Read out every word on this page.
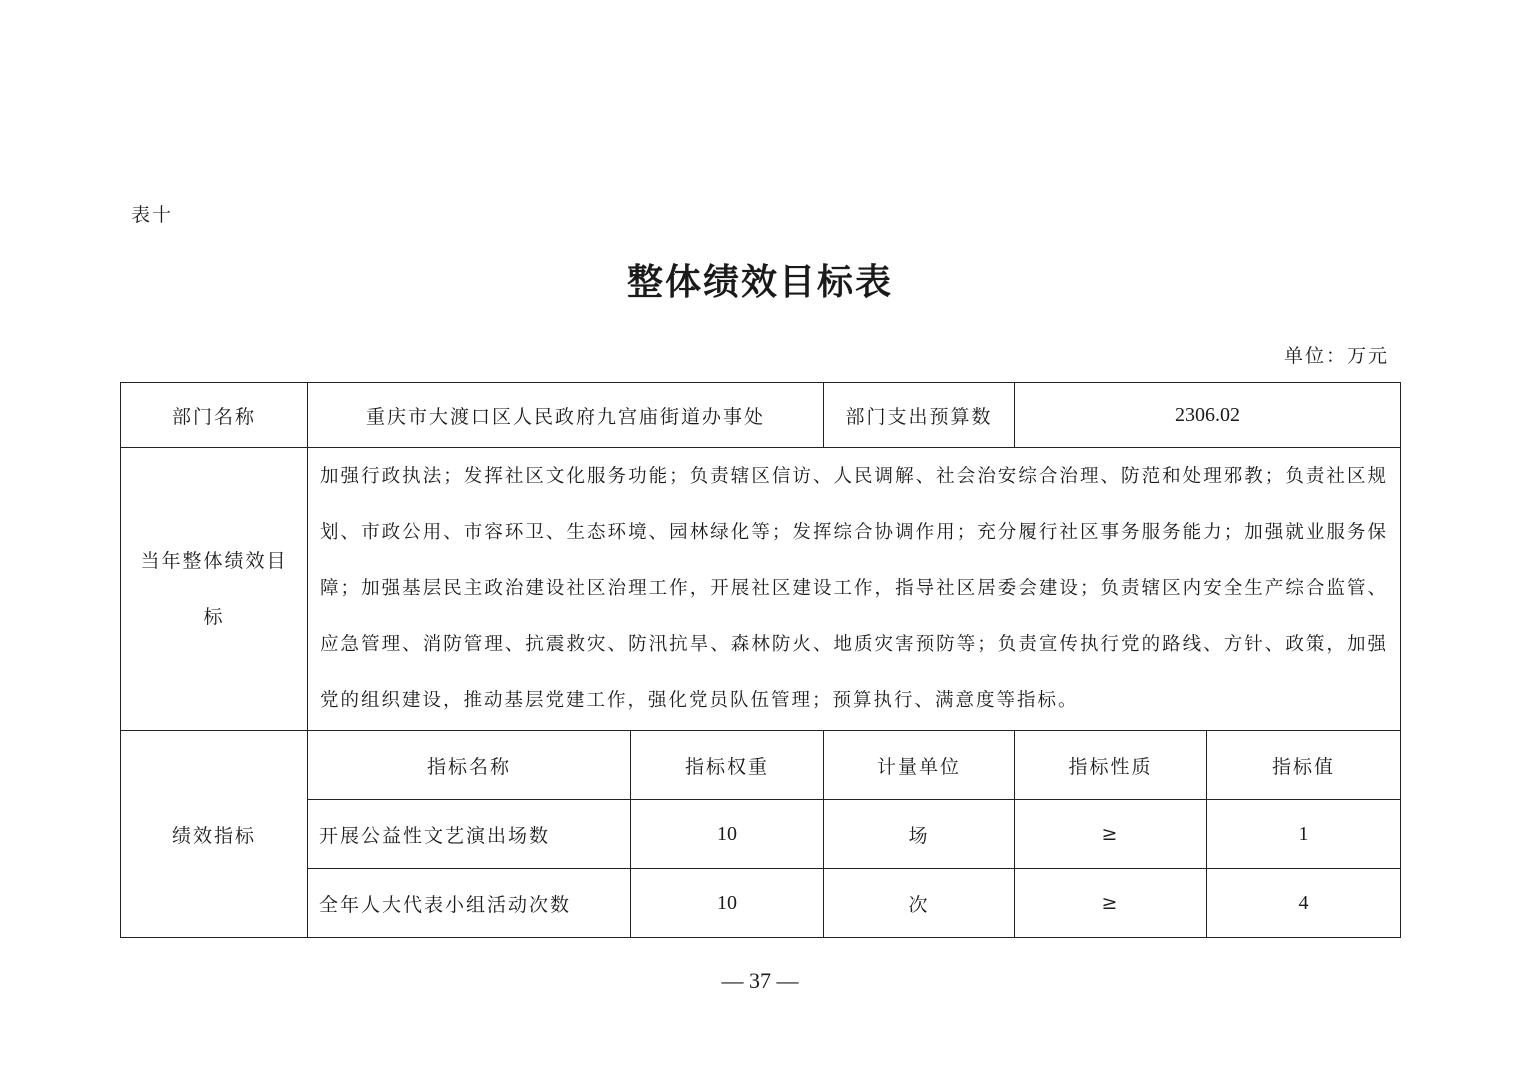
表十
整体绩效目标表
单位：万元
部门名称	重庆市大渡口区人民政府九宫庙街道办事处		部门支出预算数	2306.02	
当年整体绩效目标	加强行政执法；发挥社区文化服务功能；负责辖区信访、人民调解、社会治安综合治理、防范和处理邪教；负责社区规划、市政公用、市容环卫、生态环境、园林绿化等；发挥综合协调作用；充分履行社区事务服务能力；加强就业服务保障；加强基层民主政治建设社区治理工作，开展社区建设工作，指导社区居委会建设；负责辖区内安全生产综合监管、应急管理、消防管理、抗震救灾、防汛抗旱、森林防火、地质灾害预防等；负责宣传执行党的路线、方针、政策，加强党的组织建设，推动基层党建工作，强化党员队伍管理；预算执行、满意度等指标。				
绩效指标	指标名称	指标权重	计量单位	指标性质	指标值
	开展公益性文艺演出场数	10	场	≥	1
	全年人大代表小组活动次数	10	次	≥	4
— 37 —
